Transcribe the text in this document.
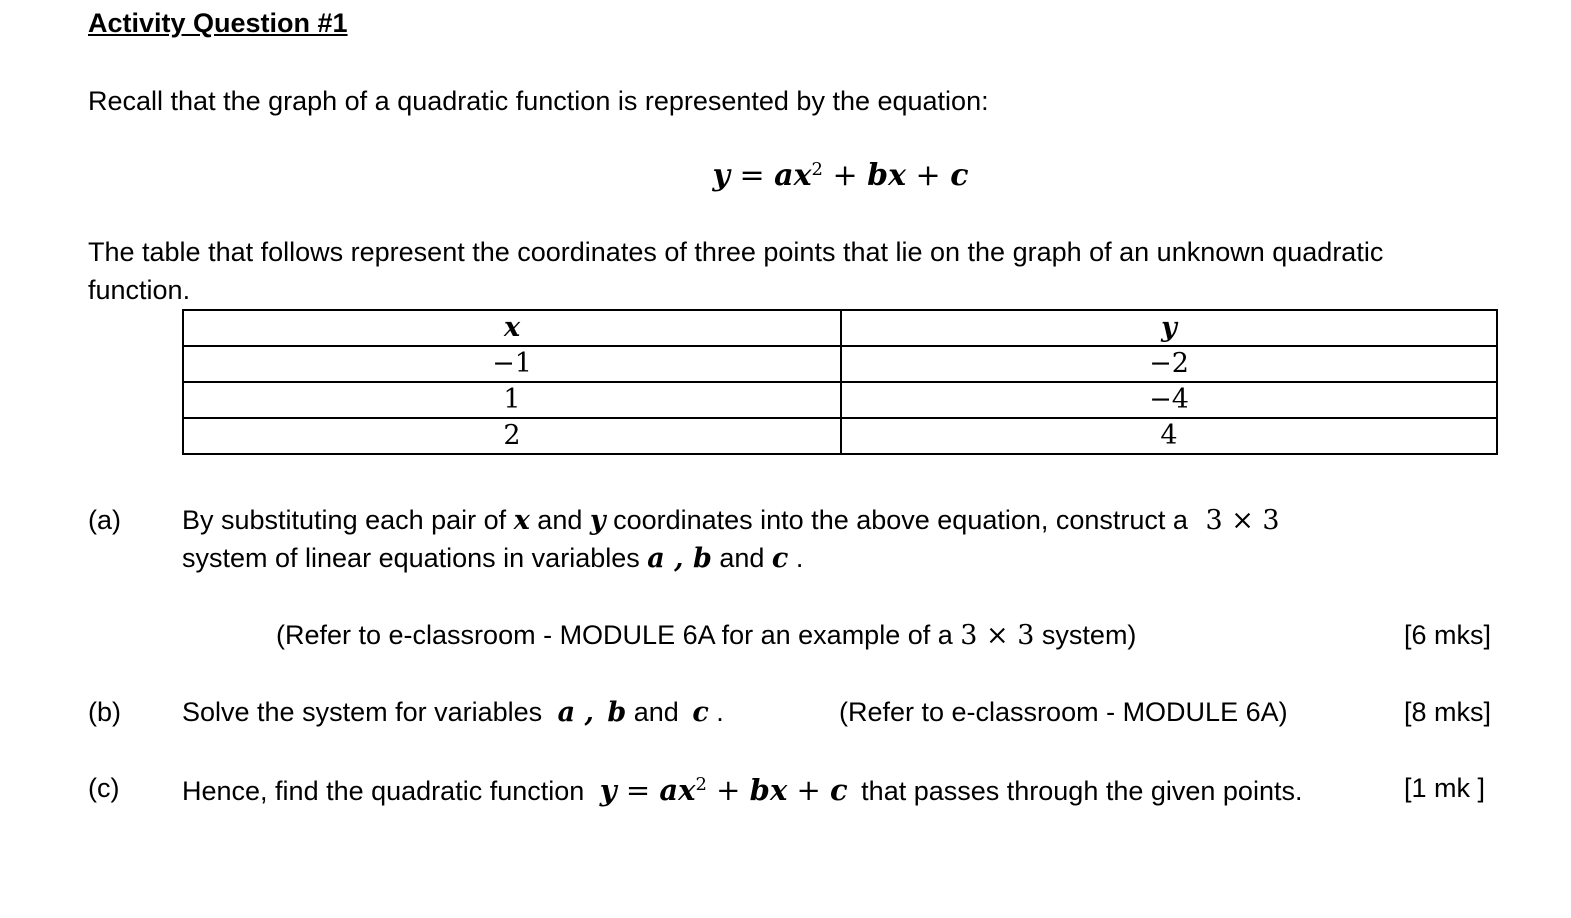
Activity Question #1
Recall that the graph of a quadratic function is represented by the equation:
$y = ax^2$ + bx + c
The table that follows represent the coordinates of three points that lie on the graph of an unknown quadratic
function.
x	y
−1	−2
1	−4
2	4
(a) By substituting each pair of x and y coordinates into the above equation, construct a 3 × 3
system of linear equations in variables a , b and c .
(Refer to e-classroom - MODULE 6A for an example of a 3 × 3 system)	[6 mks]
(b) Solve the system for variables a , b and c .	(Refer to e-classroom - MODULE 6A)	[8 mks]
(c) Hence, find the quadratic function $y = ax^2$ + bx + c that passes through the given points.	[1 mk ]
